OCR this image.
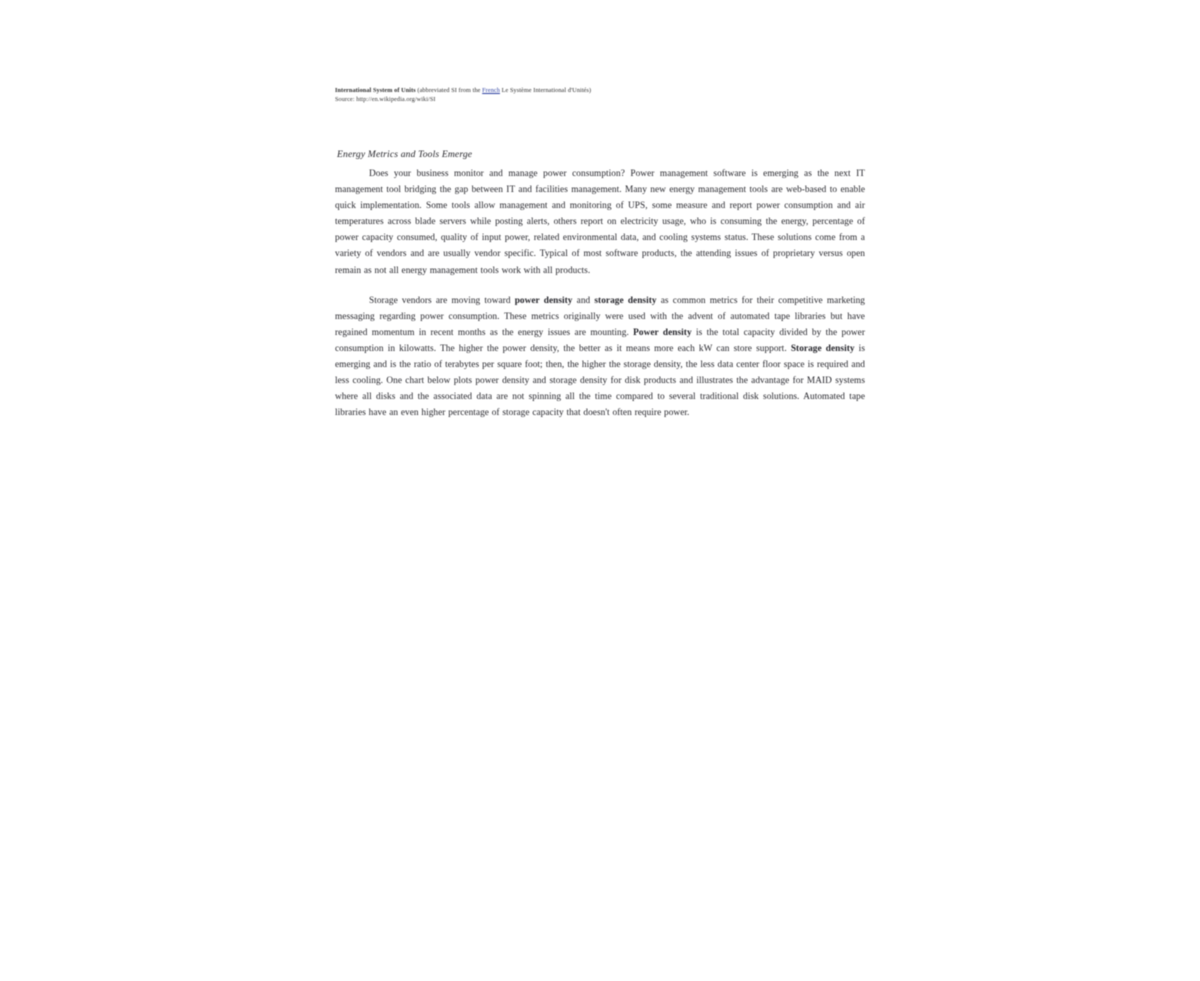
International System of Units (abbreviated SI from the French Le Système International d'Unités)
Source: http://en.wikipedia.org/wiki/SI
Energy Metrics and Tools Emerge

Does your business monitor and manage power consumption? Power management software is emerging as the next IT management tool bridging the gap between IT and facilities management. Many new energy management tools are web-based to enable quick implementation. Some tools allow management and monitoring of UPS, some measure and report power consumption and air temperatures across blade servers while posting alerts, others report on electricity usage, who is consuming the energy, percentage of power capacity consumed, quality of input power, related environmental data, and cooling systems status. These solutions come from a variety of vendors and are usually vendor specific. Typical of most software products, the attending issues of proprietary versus open remain as not all energy management tools work with all products.

Storage vendors are moving toward power density and storage density as common metrics for their competitive marketing messaging regarding power consumption. These metrics originally were used with the advent of automated tape libraries but have regained momentum in recent months as the energy issues are mounting. Power density is the total capacity divided by the power consumption in kilowatts. The higher the power density, the better as it means more each kW can store support. Storage density is emerging and is the ratio of terabytes per square foot; then, the higher the storage density, the less data center floor space is required and less cooling. One chart below plots power density and storage density for disk products and illustrates the advantage for MAID systems where all disks and the associated data are not spinning all the time compared to several traditional disk solutions. Automated tape libraries have an even higher percentage of storage capacity that doesn't often require power.
